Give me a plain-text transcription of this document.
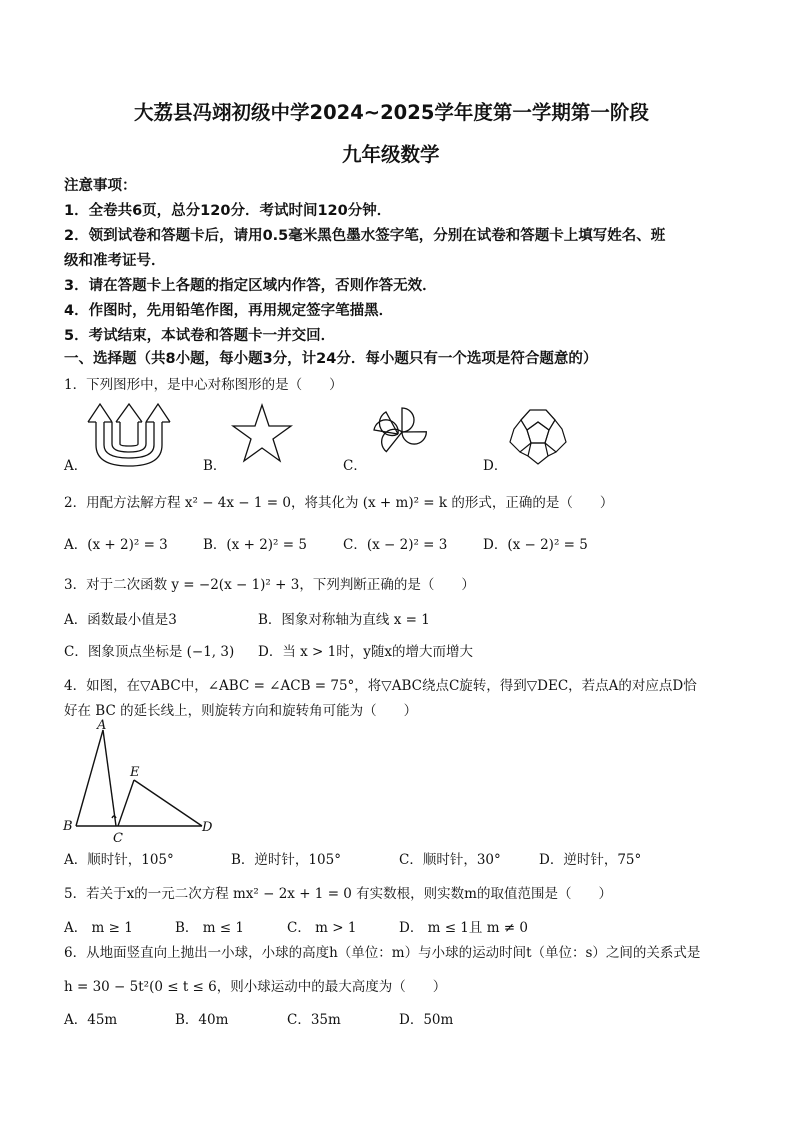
大荔县冯翊初级中学2024~2025学年度第一学期第一阶段
九年级数学
注意事项：
1．全卷共6页，总分120分．考试时间120分钟．
2．领到试卷和答题卡后，请用0.5毫米黑色墨水签字笔，分别在试卷和答题卡上填写姓名、班
级和准考证号．
3．请在答题卡上各题的指定区域内作答，否则作答无效．
4．作图时，先用铅笔作图，再用规定签字笔描黑．
5．考试结束，本试卷和答题卡一并交回．
一、选择题（共8小题，每小题3分，计24分．每小题只有一个选项是符合题意的）
1．下列图形中，是中心对称图形的是（　　）
A．	B．	C．	D．
2．用配方法解方程 x² − 4x − 1 = 0，将其化为 (x + m)² = k 的形式，正确的是（　　）
A．(x + 2)² = 3	B．(x + 2)² = 5	C．(x − 2)² = 3	D．(x − 2)² = 5
3．对于二次函数 y = −2(x − 1)² + 3，下列判断正确的是（　　）
A．函数最小值是3	B．图象对称轴为直线 x = 1
C．图象顶点坐标是 (−1, 3) D．当 x > 1时，y随x的增大而增大
4．如图，在▽ABC中，∠ABC = ∠ACB = 75°，将▽ABC绕点C旋转，得到▽DEC，若点A的对应点D恰
好在 BC 的延长线上，则旋转方向和旋转角可能为（　　）
A
B
C
E
D
A．顺时针，105°	B．逆时针，105°	C．顺时针，30°	D．逆时针，75°
5．若关于x的一元二次方程 mx² − 2x + 1 = 0 有实数根，则实数m的取值范围是（　　）
A． m ≥ 1	B． m ≤ 1	C． m > 1	D． m ≤ 1且 m ≠ 0
6．从地面竖直向上抛出一小球，小球的高度h（单位：m）与小球的运动时间t（单位：s）之间的关系式是
h = 30 − 5t²(0 ≤ t ≤ 6，则小球运动中的最大高度为（　　）
A．45m	B．40m	C．35m	D．50m
